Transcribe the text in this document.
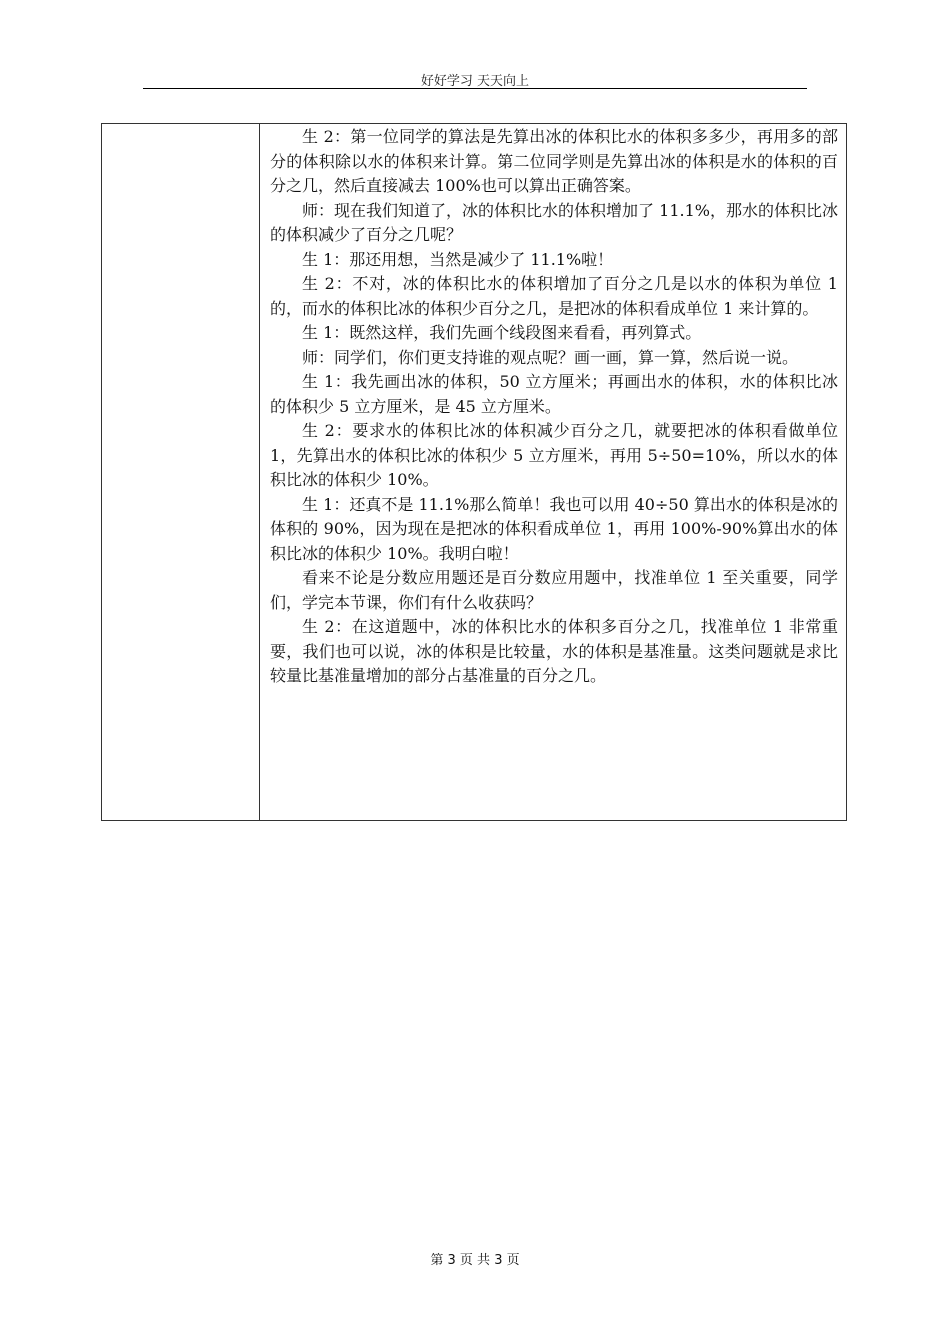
好好学习 天天向上

生 2：第一位同学的算法是先算出冰的体积比水的体积多多少，再用多的部分的体积除以水的体积来计算。第二位同学则是先算出冰的体积是水的体积的百分之几，然后直接减去 100%也可以算出正确答案。

师：现在我们知道了，冰的体积比水的体积增加了 11.1%，那水的体积比冰的体积减少了百分之几呢？

生 1：那还用想，当然是减少了 11.1%啦！

生 2：不对，冰的体积比水的体积增加了百分之几是以水的体积为单位 1 的，而水的体积比冰的体积少百分之几，是把冰的体积看成单位 1 来计算的。

生 1：既然这样，我们先画个线段图来看看，再列算式。

师：同学们，你们更支持谁的观点呢？画一画，算一算，然后说一说。

生 1：我先画出冰的体积，50 立方厘米；再画出水的体积，水的体积比冰的体积少 5 立方厘米，是 45 立方厘米。

生 2：要求水的体积比冰的体积减少百分之几，就要把冰的体积看做单位 1，先算出水的体积比冰的体积少 5 立方厘米，再用 5÷50=10%，所以水的体积比冰的体积少 10%。

生 1：还真不是 11.1%那么简单！我也可以用 40÷50 算出水的体积是冰的体积的 90%，因为现在是把冰的体积看成单位 1，再用 100%-90%算出水的体积比冰的体积少 10%。我明白啦！

看来不论是分数应用题还是百分数应用题中，找准单位 1 至关重要，同学们，学完本节课，你们有什么收获吗？

生 2：在这道题中，冰的体积比水的体积多百分之几，找准单位 1 非常重要，我们也可以说，冰的体积是比较量，水的体积是基准量。这类问题就是求比较量比基准量增加的部分占基准量的百分之几。

第 3 页 共 3 页
